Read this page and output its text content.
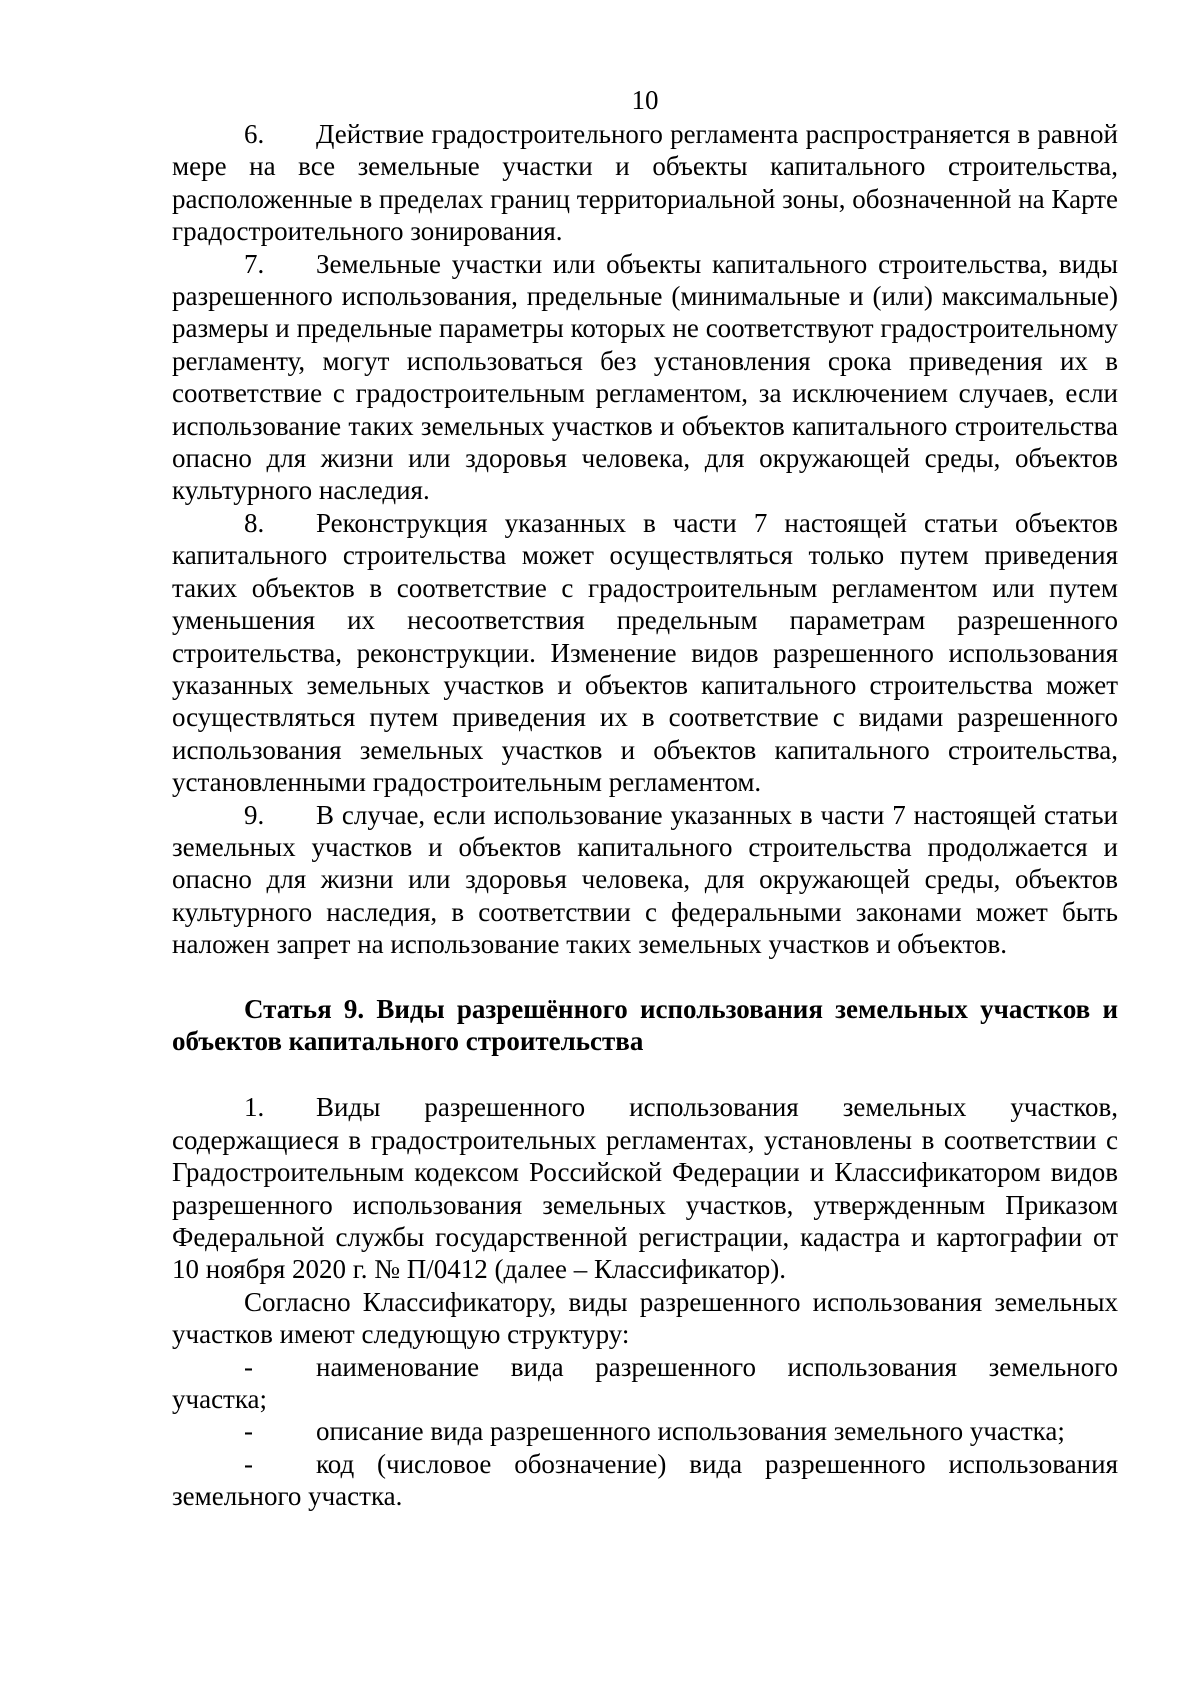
10

6. Действие градостроительного регламента распространяется в равной мере на все земельные участки и объекты капитального строительства, расположенные в пределах границ территориальной зоны, обозначенной на Карте градостроительного зонирования.

7. Земельные участки или объекты капитального строительства, виды разрешенного использования, предельные (минимальные и (или) максимальные) размеры и предельные параметры которых не соответствуют градостроительному регламенту, могут использоваться без установления срока приведения их в соответствие с градостроительным регламентом, за исключением случаев, если использование таких земельных участков и объектов капитального строительства опасно для жизни или здоровья человека, для окружающей среды, объектов культурного наследия.

8. Реконструкция указанных в части 7 настоящей статьи объектов капитального строительства может осуществляться только путем приведения таких объектов в соответствие с градостроительным регламентом или путем уменьшения их несоответствия предельным параметрам разрешенного строительства, реконструкции. Изменение видов разрешенного использования указанных земельных участков и объектов капитального строительства может осуществляться путем приведения их в соответствие с видами разрешенного использования земельных участков и объектов капитального строительства, установленными градостроительным регламентом.

9. В случае, если использование указанных в части 7 настоящей статьи земельных участков и объектов капитального строительства продолжается и опасно для жизни или здоровья человека, для окружающей среды, объектов культурного наследия, в соответствии с федеральными законами может быть наложен запрет на использование таких земельных участков и объектов.

Статья 9. Виды разрешённого использования земельных участков и объектов капитального строительства

1. Виды разрешенного использования земельных участков, содержащиеся в градостроительных регламентах, установлены в соответствии с Градостроительным кодексом Российской Федерации и Классификатором видов разрешенного использования земельных участков, утвержденным Приказом Федеральной службы государственной регистрации, кадастра и картографии от 10 ноября 2020 г. № П/0412 (далее – Классификатор).

Согласно Классификатору, виды разрешенного использования земельных участков имеют следующую структуру:

- наименование вида разрешенного использования земельного участка;

- описание вида разрешенного использования земельного участка;

- код (числовое обозначение) вида разрешенного использования земельного участка.
